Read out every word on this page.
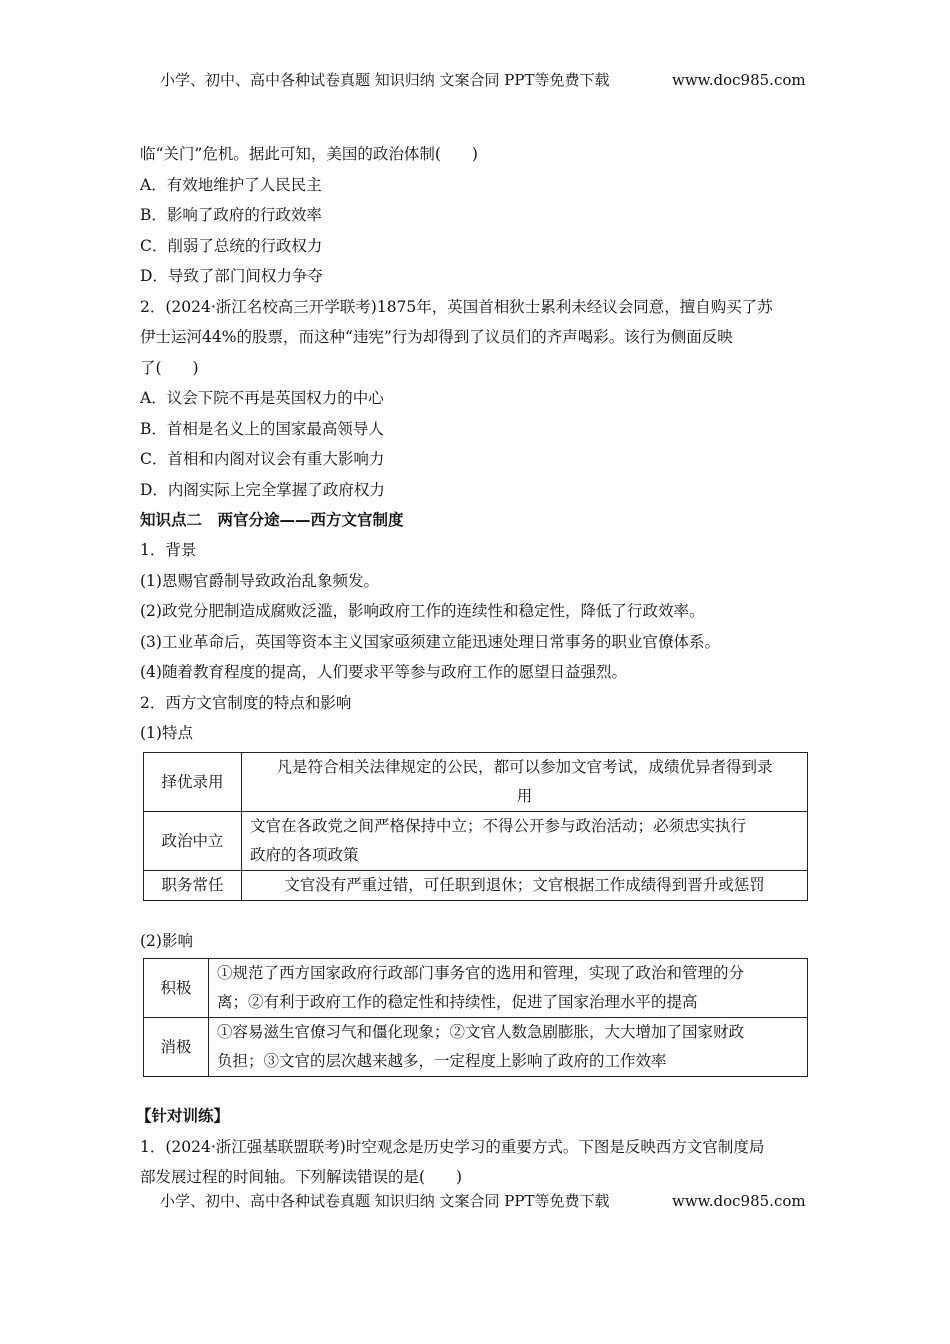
小学、初中、高中各种试卷真题 知识归纳 文案合同 PPT等免费下载	www.doc985.com
临“关门”危机。据此可知，美国的政治体制(　　)
A．有效地维护了人民民主
B．影响了政府的行政效率
C．削弱了总统的行政权力
D．导致了部门间权力争夺
2．(2024·浙江名校高三开学联考)1875年，英国首相狄士累利未经议会同意，擅自购买了苏
伊士运河44%的股票，而这种“违宪”行为却得到了议员们的齐声喝彩。该行为侧面反映
了(　　)
A．议会下院不再是英国权力的中心
B．首相是名义上的国家最高领导人
C．首相和内阁对议会有重大影响力
D．内阁实际上完全掌握了政府权力
知识点二　两官分途——西方文官制度
1．背景
(1)恩赐官爵制导致政治乱象频发。
(2)政党分肥制造成腐败泛滥，影响政府工作的连续性和稳定性，降低了行政效率。
(3)工业革命后，英国等资本主义国家亟须建立能迅速处理日常事务的职业官僚体系。
(4)随着教育程度的提高，人们要求平等参与政府工作的愿望日益强烈。
2．西方文官制度的特点和影响
(1)特点
择优录用	凡是符合相关法律规定的公民，都可以参加文官考试，成绩优异者得到录
用

政治中立	文官在各政党之间严格保持中立；不得公开参与政治活动；必须忠实执行
政府的各项政策

职务常任	文官没有严重过错，可任职到退休；文官根据工作成绩得到晋升或惩罚
(2)影响
积极	①规范了西方国家政府行政部门事务官的选用和管理，实现了政治和管理的分
离；②有利于政府工作的稳定性和持续性，促进了国家治理水平的提高

消极	①容易滋生官僚习气和僵化现象；②文官人数急剧膨胀，大大增加了国家财政
负担；③文官的层次越来越多，一定程度上影响了政府的工作效率
【针对训练】
1．(2024·浙江强基联盟联考)时空观念是历史学习的重要方式。下图是反映西方文官制度局
部发展过程的时间轴。下列解读错误的是(　　)
小学、初中、高中各种试卷真题 知识归纳 文案合同 PPT等免费下载	www.doc985.com
